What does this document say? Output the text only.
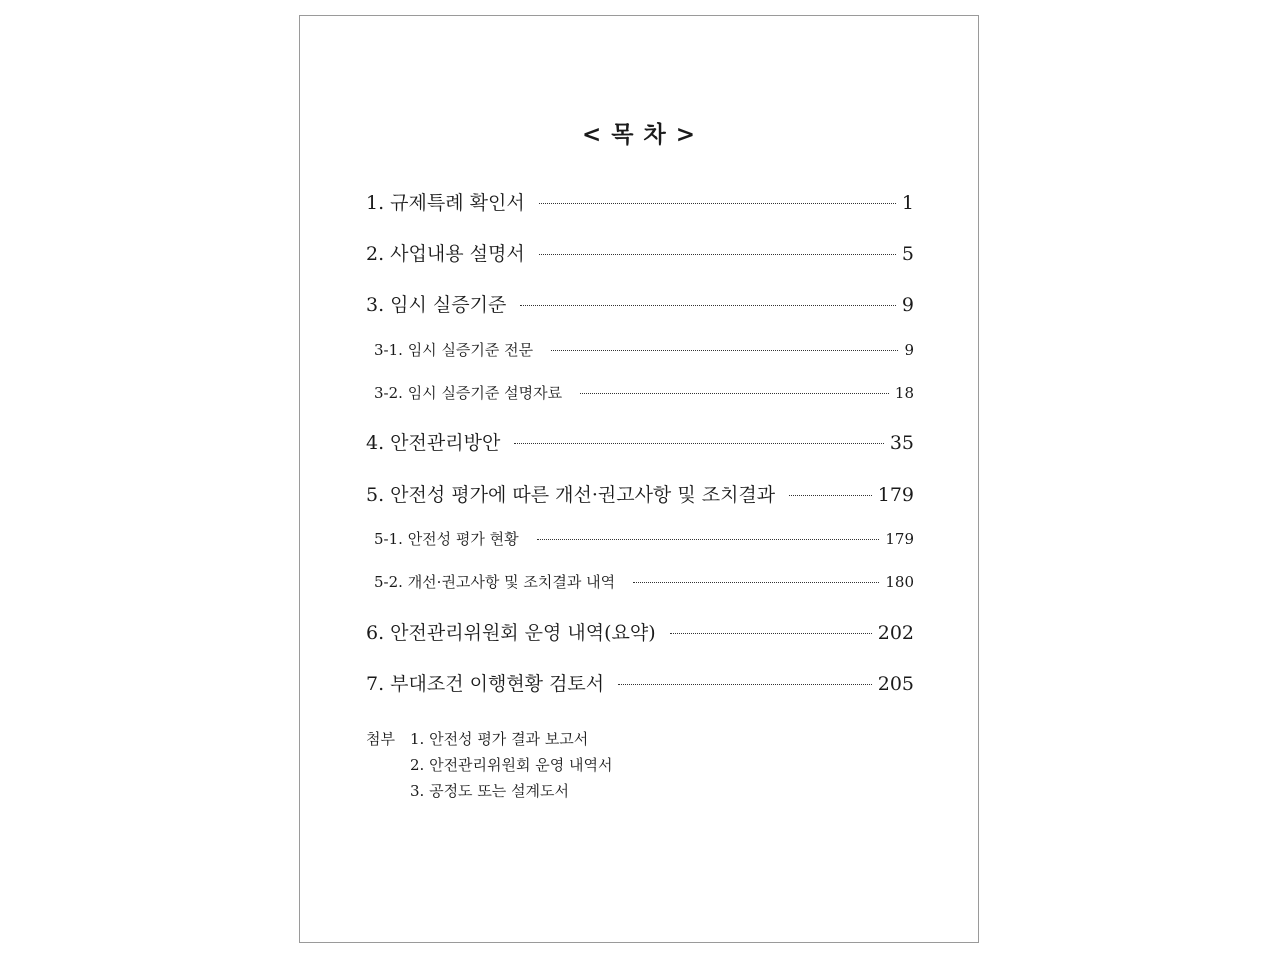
< 목 차 >
1. 규제특례 확인서	1
2. 사업내용 설명서	5
3. 임시 실증기준	9
3-1. 임시 실증기준 전문	9
3-2. 임시 실증기준 설명자료	18
4. 안전관리방안	35
5. 안전성 평가에 따른 개선·권고사항 및 조치결과	179
5-1. 안전성 평가 현황	179
5-2. 개선·권고사항 및 조치결과 내역	180
6. 안전관리위원회 운영 내역(요약)	202
7. 부대조건 이행현황 검토서	205
첨부 1. 안전성 평가 결과 보고서
2. 안전관리위원회 운영 내역서
3. 공정도 또는 설계도서
